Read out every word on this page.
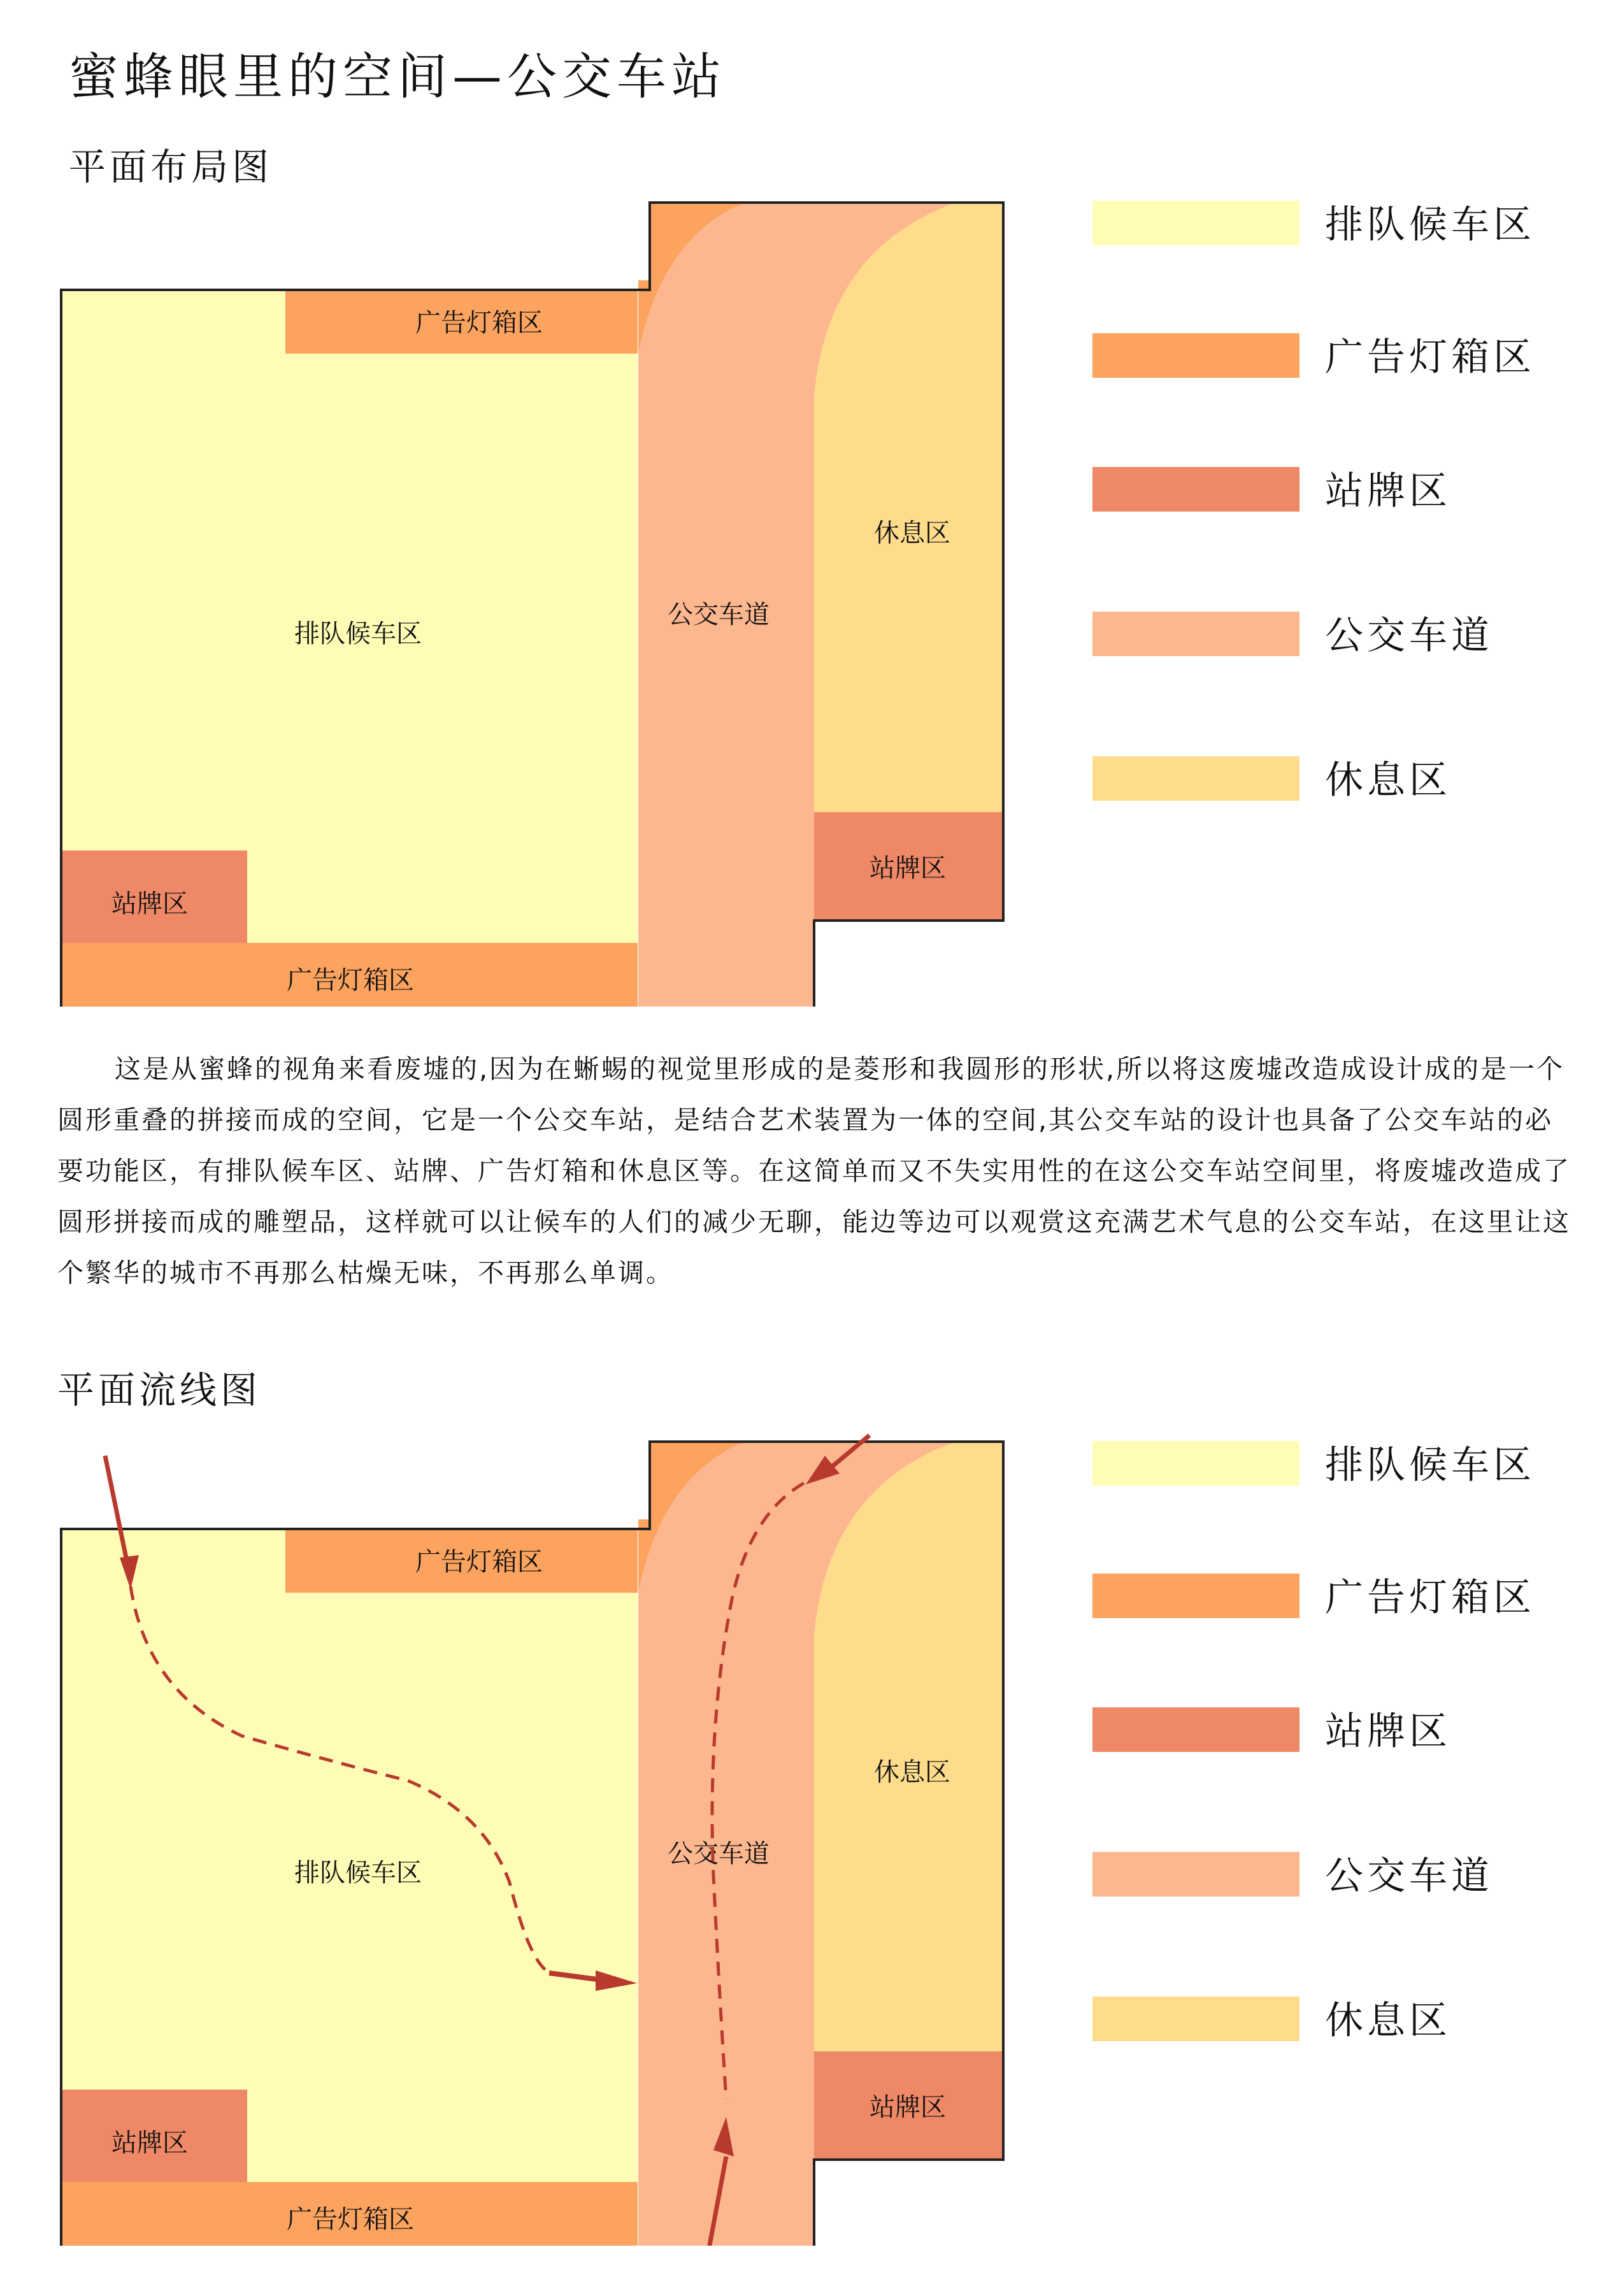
蜜蜂眼里的空间—公交车站
平面布局图
广告灯箱区
排队候车区
公交车道
休息区
站牌区
站牌区
广告灯箱区
排队候车区
广告灯箱区
站牌区
公交车道
休息区

这是从蜜蜂的视角来看废墟的,因为在蜥蜴的视觉里形成的是菱形和我圆形的形状,所以将这废墟改造成设计成的是一个圆形重叠的拼接而成的空间，它是一个公交车站，是结合艺术装置为一体的空间,其公交车站的设计也具备了公交车站的必要功能区，有排队候车区、站牌、广告灯箱和休息区等。在这简单而又不失实用性的在这公交车站空间里，将废墟改造成了圆形拼接而成的雕塑品，这样就可以让候车的人们的减少无聊，能边等边可以观赏这充满艺术气息的公交车站，在这里让这个繁华的城市不再那么枯燥无味，不再那么单调。

平面流线图
广告灯箱区
排队候车区
公交车道
休息区
站牌区
站牌区
广告灯箱区
排队候车区
广告灯箱区
站牌区
公交车道
休息区
